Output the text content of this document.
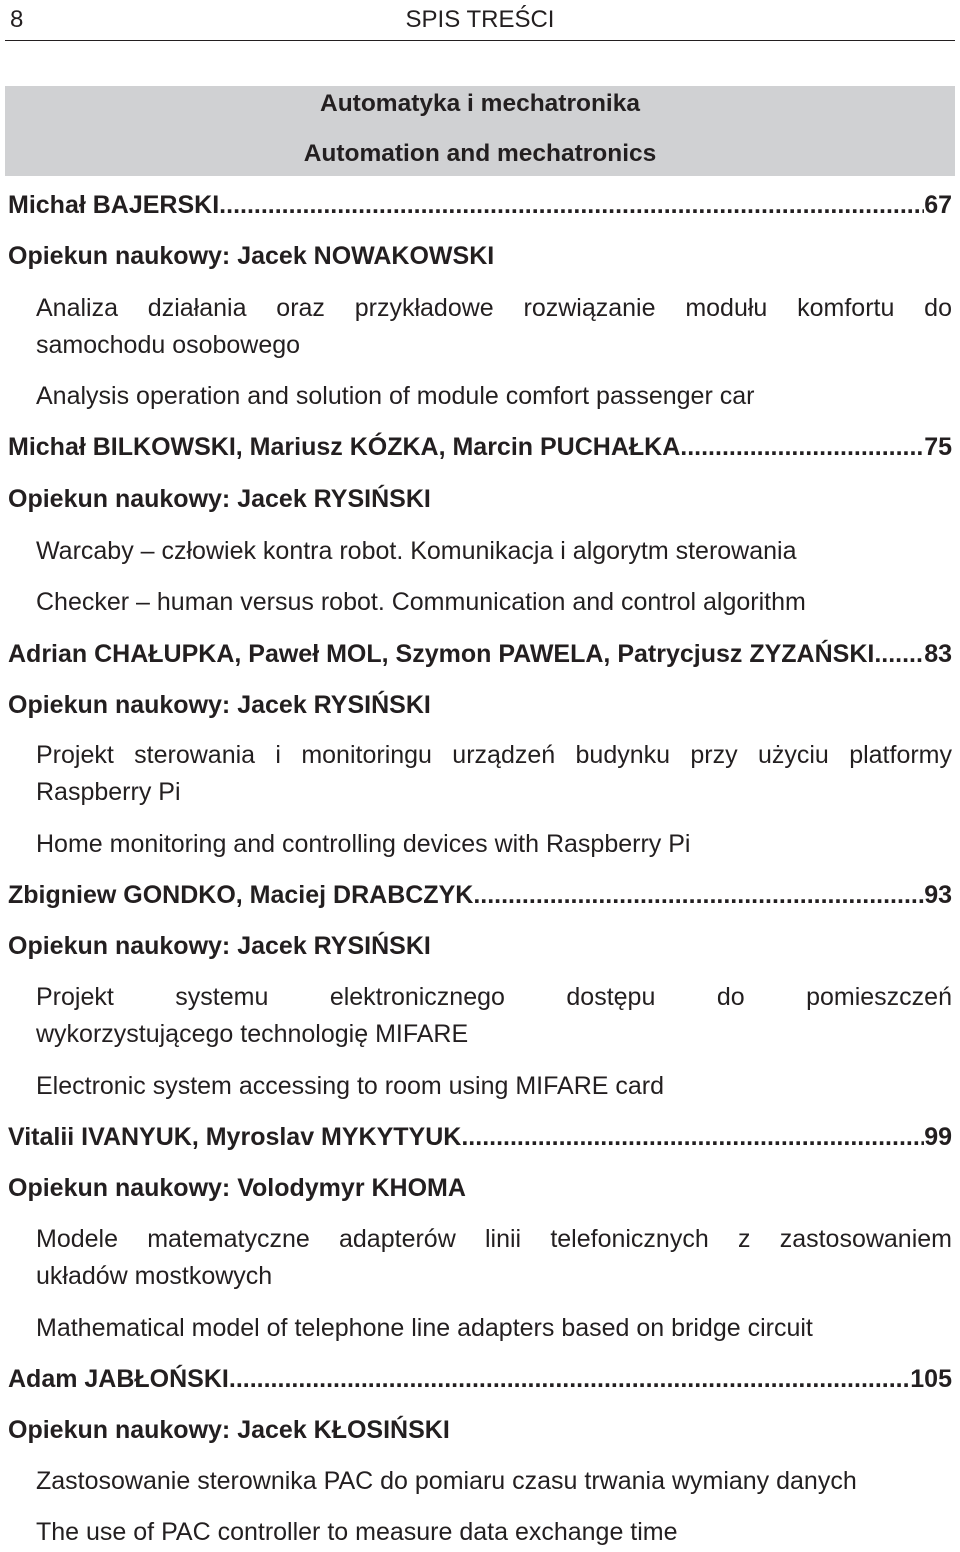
8	SPIS TREŚCI
Automatyka i mechatronika
Automation and mechatronics
Michał BAJERSKI .....	67
Opiekun naukowy: Jacek NOWAKOWSKI
Analiza działania oraz przykładowe rozwiązanie modułu komfortu do
samochodu osobowego
Analysis operation and solution of module comfort passenger car
Michał BILKOWSKI, Mariusz KÓZKA, Marcin PUCHAŁKA .....	75
Opiekun naukowy: Jacek RYSIŃSKI
Warcaby – człowiek kontra robot. Komunikacja i algorytm sterowania
Checker – human versus robot. Communication and control algorithm
Adrian CHAŁUPKA, Paweł MOL, Szymon PAWELA, Patrycjusz ZYZAŃSKI ..... 83
Opiekun naukowy: Jacek RYSIŃSKI
Projekt sterowania i monitoringu urządzeń budynku przy użyciu platformy
Raspberry Pi
Home monitoring and controlling devices with Raspberry Pi
Zbigniew GONDKO, Maciej DRABCZYK .....	93
Opiekun naukowy: Jacek RYSIŃSKI
Projekt systemu elektronicznego dostępu do pomieszczeń
wykorzystującego technologię MIFARE
Electronic system accessing to room using MIFARE card
Vitalii IVANYUK, Myroslav MYKYTYUK .....	99
Opiekun naukowy: Volodymyr KHOMA
Modele matematyczne adapterów linii telefonicznych z zastosowaniem
układów mostkowych
Mathematical model of telephone line adapters based on bridge circuit
Adam JABŁOŃSKI .....	105
Opiekun naukowy: Jacek KŁOSIŃSKI
Zastosowanie sterownika PAC do pomiaru czasu trwania wymiany danych
The use of PAC controller to measure data exchange time
